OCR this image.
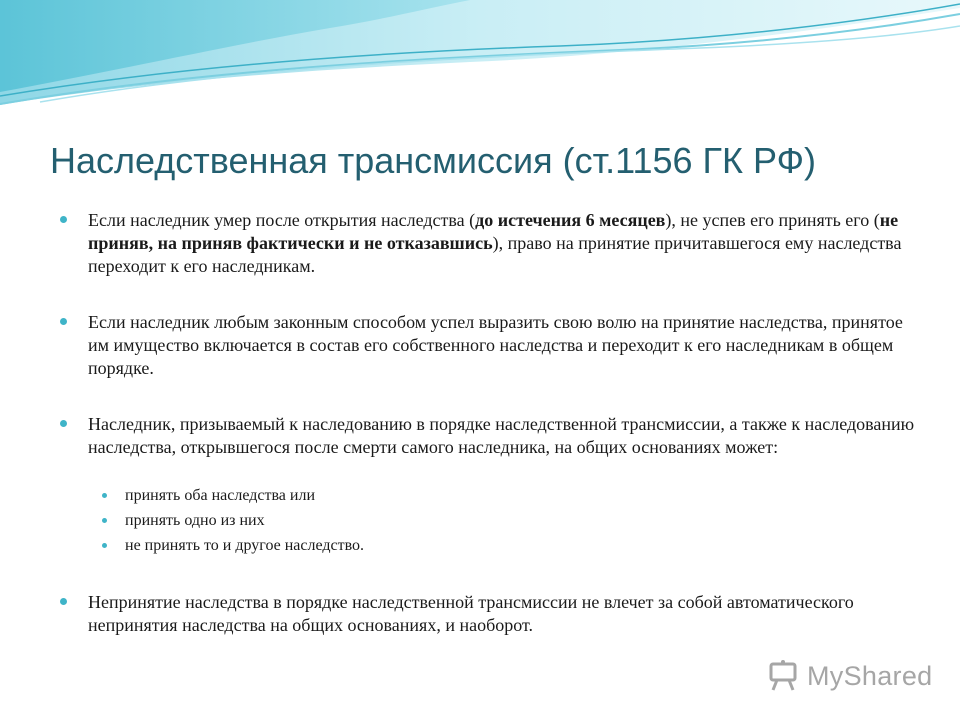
Наследственная трансмиссия (ст.1156 ГК РФ)
Если наследник умер после открытия наследства (до истечения 6 месяцев), не успев его принять его (не приняв, на приняв фактически и не отказавшись), право на принятие причитавшегося ему наследства переходит к его наследникам.
Если наследник любым законным способом успел выразить свою волю на принятие наследства, принятое им имущество включается в состав его собственного наследства и переходит к его наследникам в общем порядке.
Наследник, призываемый к наследованию в порядке наследственной трансмиссии, а также к наследованию наследства, открывшегося после смерти самого наследника, на общих основаниях может:
принять оба наследства или
принять одно из них
не принять то и другое наследство.
Непринятие наследства в порядке наследственной трансмиссии не влечет за собой автоматического непринятия наследства на общих основаниях, и наоборот.
MyShared
